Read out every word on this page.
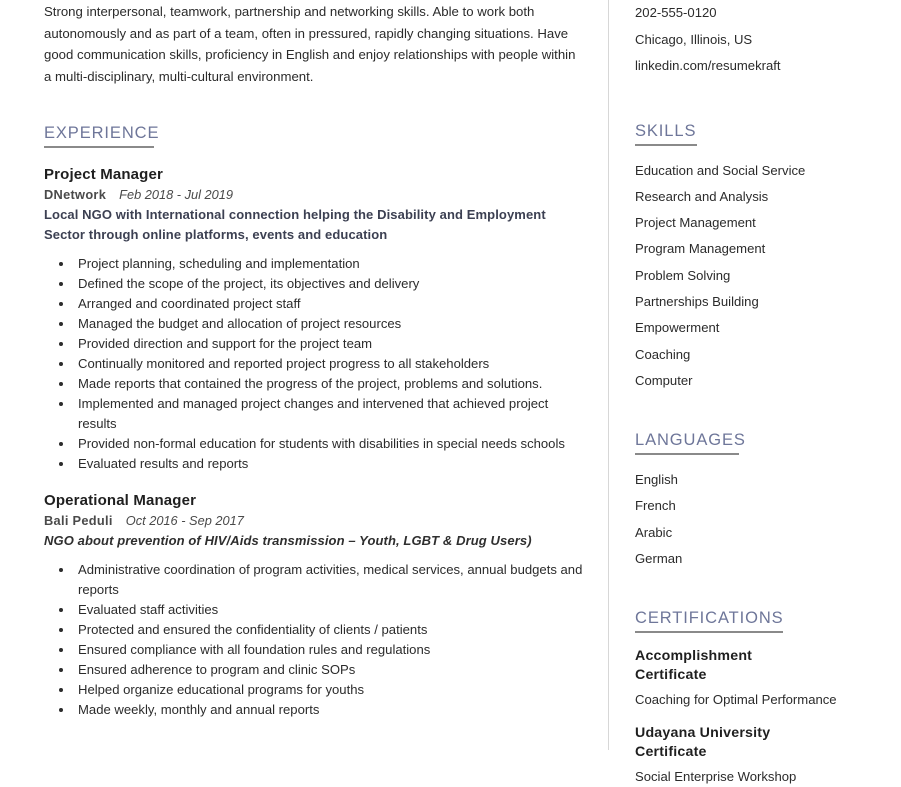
Strong interpersonal, teamwork, partnership and networking skills. Able to work both autonomously and as part of a team, often in pressured, rapidly changing situations. Have good communication skills, proficiency in English and enjoy relationships with people within a multi-disciplinary, multi-cultural environment.

EXPERIENCE
Project Manager
DNetwork Feb 2018 - Jul 2019
Local NGO with International connection helping the Disability and Employment Sector through online platforms, events and education
• Project planning, scheduling and implementation
• Defined the scope of the project, its objectives and delivery
• Arranged and coordinated project staff
• Managed the budget and allocation of project resources
• Provided direction and support for the project team
• Continually monitored and reported project progress to all stakeholders
• Made reports that contained the progress of the project, problems and solutions.
• Implemented and managed project changes and intervened that achieved project results
• Provided non-formal education for students with disabilities in special needs schools
• Evaluated results and reports
Operational Manager
Bali Peduli Oct 2016 - Sep 2017
NGO about prevention of HIV/Aids transmission – Youth, LGBT & Drug Users)
• Administrative coordination of program activities, medical services, annual budgets and reports
• Evaluated staff activities
• Protected and ensured the confidentiality of clients / patients
• Ensured compliance with all foundation rules and regulations
• Ensured adherence to program and clinic SOPs
• Helped organize educational programs for youths
• Made weekly, monthly and annual reports
202-555-0120
Chicago, Illinois, US
linkedin.com/resumekraft
SKILLS
Education and Social Service
Research and Analysis
Project Management
Program Management
Problem Solving
Partnerships Building
Empowerment
Coaching
Computer
LANGUAGES
English
French
Arabic
German
CERTIFICATIONS
Accomplishment Certificate
Coaching for Optimal Performance
Udayana University Certificate
Social Enterprise Workshop
